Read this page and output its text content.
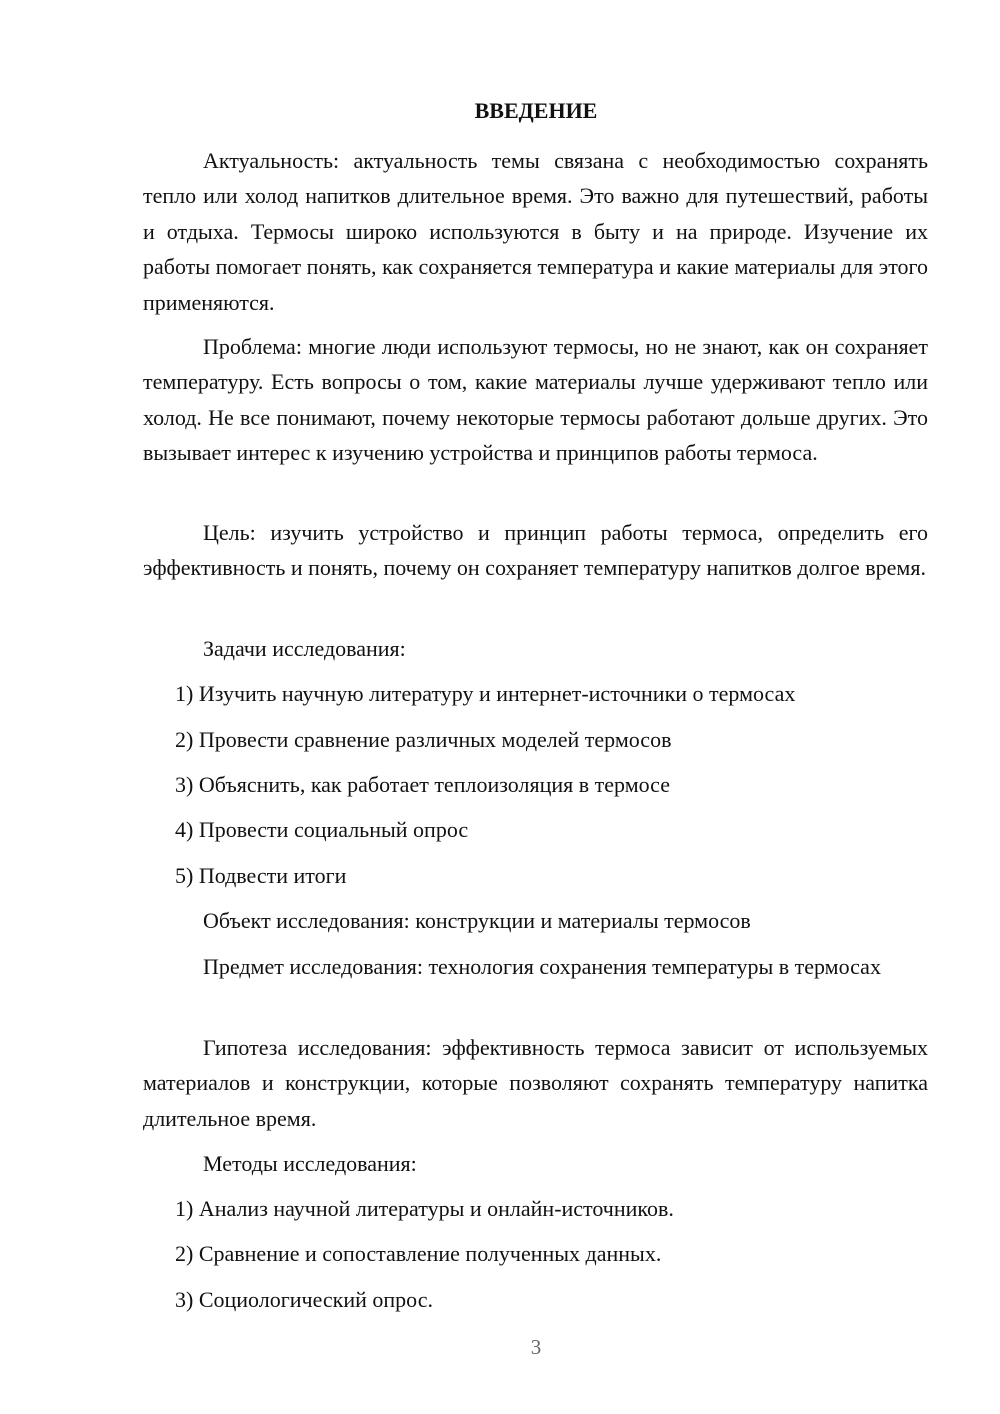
ВВЕДЕНИЕ

Актуальность: актуальность темы связана с необходимостью сохранять тепло или холод напитков длительное время. Это важно для путешествий, работы и отдыха. Термосы широко используются в быту и на природе. Изучение их работы помогает понять, как сохраняется температура и какие материалы для этого применяются.

Проблема: многие люди используют термосы, но не знают, как он сохраняет температуру. Есть вопросы о том, какие материалы лучше удерживают тепло или холод. Не все понимают, почему некоторые термосы работают дольше других. Это вызывает интерес к изучению устройства и принципов работы термоса.

Цель: изучить устройство и принцип работы термоса, определить его эффективность и понять, почему он сохраняет температуру напитков долгое время.

Задачи исследования:

1) Изучить научную литературу и интернет-источники о термосах

2) Провести сравнение различных моделей термосов

3) Объяснить, как работает теплоизоляция в термосе

4) Провести социальный опрос

5) Подвести итоги

Объект исследования: конструкции и материалы термосов

Предмет исследования: технология сохранения температуры в термосах

Гипотеза исследования: эффективность термоса зависит от используемых материалов и конструкции, которые позволяют сохранять температуру напитка длительное время.

Методы исследования:

1) Анализ научной литературы и онлайн-источников.

2) Сравнение и сопоставление полученных данных.

3) Социологический опрос.

3
